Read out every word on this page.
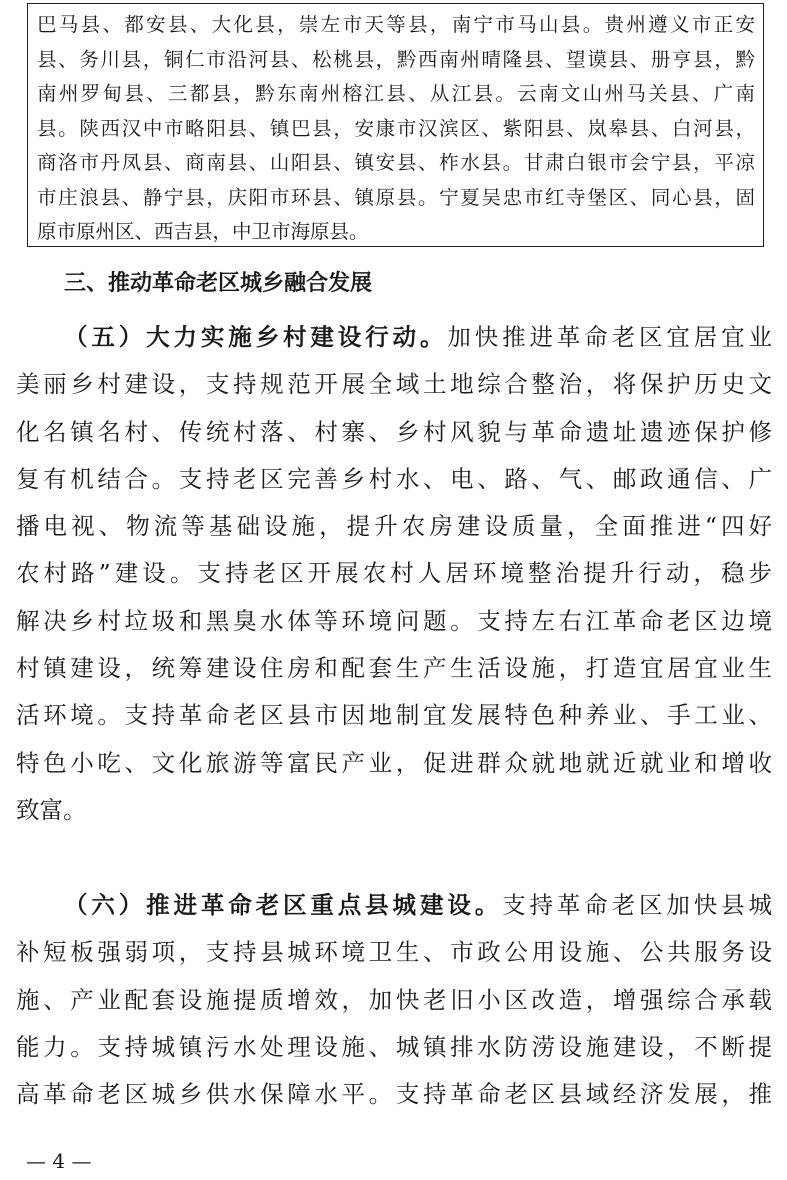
巴马县、都安县、大化县，崇左市天等县，南宁市马山县。贵州遵义市正安
县、务川县，铜仁市沿河县、松桃县，黔西南州晴隆县、望谟县、册亨县，黔
南州罗甸县、三都县，黔东南州榕江县、从江县。云南文山州马关县、广南
县。陕西汉中市略阳县、镇巴县，安康市汉滨区、紫阳县、岚皋县、白河县，
商洛市丹凤县、商南县、山阳县、镇安县、柞水县。甘肃白银市会宁县，平凉
市庄浪县、静宁县，庆阳市环县、镇原县。宁夏吴忠市红寺堡区、同心县，固
原市原州区、西吉县，中卫市海原县。
三、推动革命老区城乡融合发展
（五）大力实施乡村建设行动。加快推进革命老区宜居宜业
美丽乡村建设，支持规范开展全域土地综合整治，将保护历史文
化名镇名村、传统村落、村寨、乡村风貌与革命遗址遗迹保护修
复有机结合。支持老区完善乡村水、电、路、气、邮政通信、广
播电视、物流等基础设施，提升农房建设质量，全面推进“四好
农村路”建设。支持老区开展农村人居环境整治提升行动，稳步
解决乡村垃圾和黑臭水体等环境问题。支持左右江革命老区边境
村镇建设，统筹建设住房和配套生产生活设施，打造宜居宜业生
活环境。支持革命老区县市因地制宜发展特色种养业、手工业、
特色小吃、文化旅游等富民产业，促进群众就地就近就业和增收
致富。
（六）推进革命老区重点县城建设。支持革命老区加快县城
补短板强弱项，支持县城环境卫生、市政公用设施、公共服务设
施、产业配套设施提质增效，加快老旧小区改造，增强综合承载
能力。支持城镇污水处理设施、城镇排水防涝设施建设，不断提
高革命老区城乡供水保障水平。支持革命老区县域经济发展，推
— 4 —
